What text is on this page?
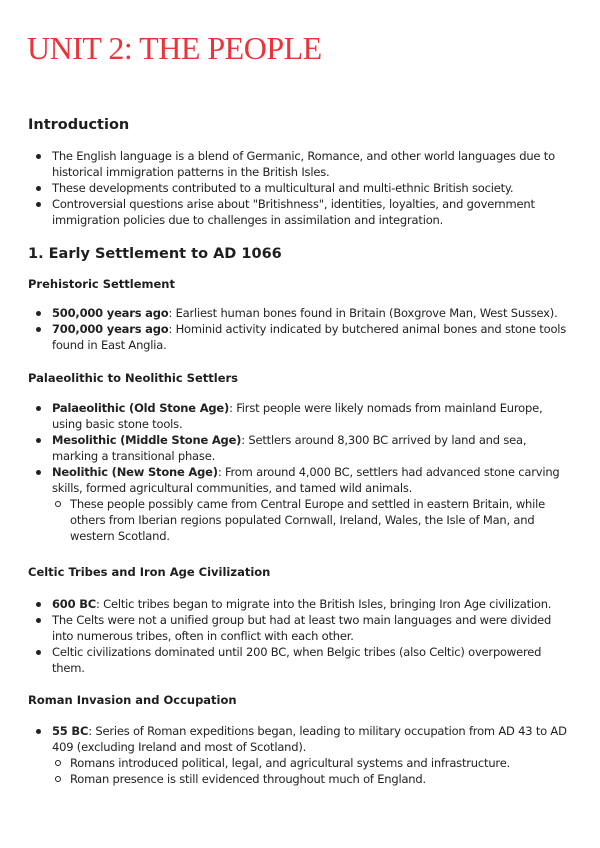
UNIT 2: THE PEOPLE
Introduction
The English language is a blend of Germanic, Romance, and other world languages due to historical immigration patterns in the British Isles.
These developments contributed to a multicultural and multi-ethnic British society.
Controversial questions arise about "Britishness", identities, loyalties, and government immigration policies due to challenges in assimilation and integration.
1. Early Settlement to AD 1066
Prehistoric Settlement
500,000 years ago: Earliest human bones found in Britain (Boxgrove Man, West Sussex).
700,000 years ago: Hominid activity indicated by butchered animal bones and stone tools found in East Anglia.
Palaeolithic to Neolithic Settlers
Palaeolithic (Old Stone Age): First people were likely nomads from mainland Europe, using basic stone tools.
Mesolithic (Middle Stone Age): Settlers around 8,300 BC arrived by land and sea, marking a transitional phase.
Neolithic (New Stone Age): From around 4,000 BC, settlers had advanced stone carving skills, formed agricultural communities, and tamed wild animals.
These people possibly came from Central Europe and settled in eastern Britain, while others from Iberian regions populated Cornwall, Ireland, Wales, the Isle of Man, and western Scotland.
Celtic Tribes and Iron Age Civilization
600 BC: Celtic tribes began to migrate into the British Isles, bringing Iron Age civilization.
The Celts were not a unified group but had at least two main languages and were divided into numerous tribes, often in conflict with each other.
Celtic civilizations dominated until 200 BC, when Belgic tribes (also Celtic) overpowered them.
Roman Invasion and Occupation
55 BC: Series of Roman expeditions began, leading to military occupation from AD 43 to AD 409 (excluding Ireland and most of Scotland).
Romans introduced political, legal, and agricultural systems and infrastructure.
Roman presence is still evidenced throughout much of England.
